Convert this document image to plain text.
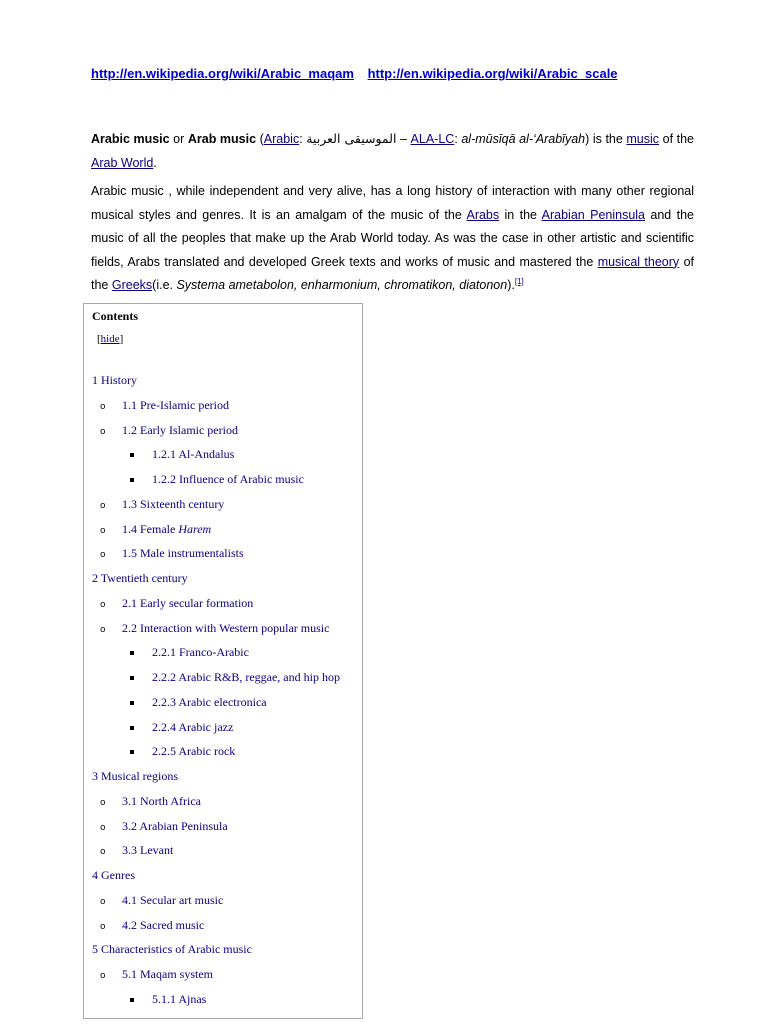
http://en.wikipedia.org/wiki/Arabic_maqam http://en.wikipedia.org/wiki/Arabic_scale
Arabic music or Arab music (Arabic: الموسيقى العربية – ALA-LC: al-mūsīqā al-‘Arabīyah) is the music of the Arab World.
Arabic music , while independent and very alive, has a long history of interaction with many other regional musical styles and genres. It is an amalgam of the music of the Arabs in the Arabian Peninsula and the music of all the peoples that make up the Arab World today. As was the case in other artistic and scientific fields, Arabs translated and developed Greek texts and works of music and mastered the musical theory of the Greeks(i.e. Systema ametabolon, enharmonium, chromatikon, diatonon).[1]
Contents
[hide]
1 History
o 1.1 Pre-Islamic period
o 1.2 Early Islamic period
1.2.1 Al-Andalus
1.2.2 Influence of Arabic music
o 1.3 Sixteenth century
o 1.4 Female Harem
o 1.5 Male instrumentalists
2 Twentieth century
o 2.1 Early secular formation
o 2.2 Interaction with Western popular music
2.2.1 Franco-Arabic
2.2.2 Arabic R&B, reggae, and hip hop
2.2.3 Arabic electronica
2.2.4 Arabic jazz
2.2.5 Arabic rock
3 Musical regions
o 3.1 North Africa
o 3.2 Arabian Peninsula
o 3.3 Levant
4 Genres
o 4.1 Secular art music
o 4.2 Sacred music
5 Characteristics of Arabic music
o 5.1 Maqam system
5.1.1 Ajnas
